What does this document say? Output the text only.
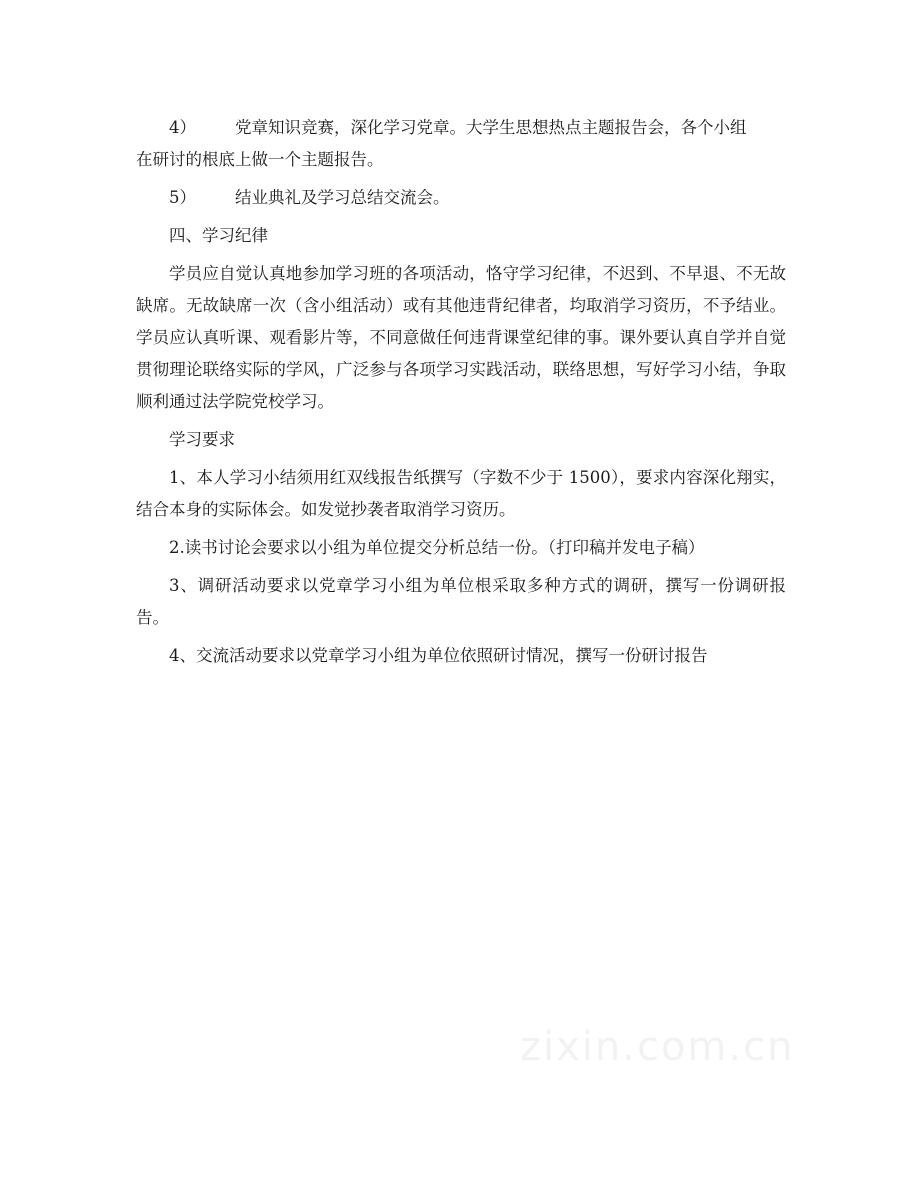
4） 党章知识竞赛，深化学习党章。大学生思想热点主题报告会，各个小组
在研讨的根底上做一个主题报告。
5）	结业典礼及学习总结交流会。
四、学习纪律

学员应自觉认真地参加学习班的各项活动，恪守学习纪律，不迟到、不早退、不无故缺席。无故缺席一次（含小组活动）或有其他违背纪律者，均取消学习资历，不予结业。学员应认真听课、观看影片等，不同意做任何违背课堂纪律的事。课外要认真自学并自觉贯彻理论联络实际的学风，广泛参与各项学习实践活动，联络思想，写好学习小结，争取顺利通过法学院党校学习。

学习要求

1、本人学习小结须用红双线报告纸撰写（字数不少于 1500），要求内容深化翔实，结合本身的实际体会。如发觉抄袭者取消学习资历。

2.读书讨论会要求以小组为单位提交分析总结一份。（打印稿并发电子稿）

3、调研活动要求以党章学习小组为单位根采取多种方式的调研，撰写一份调研报告。

4、交流活动要求以党章学习小组为单位依照研讨情况，撰写一份研讨报告

zixin.com.cn
